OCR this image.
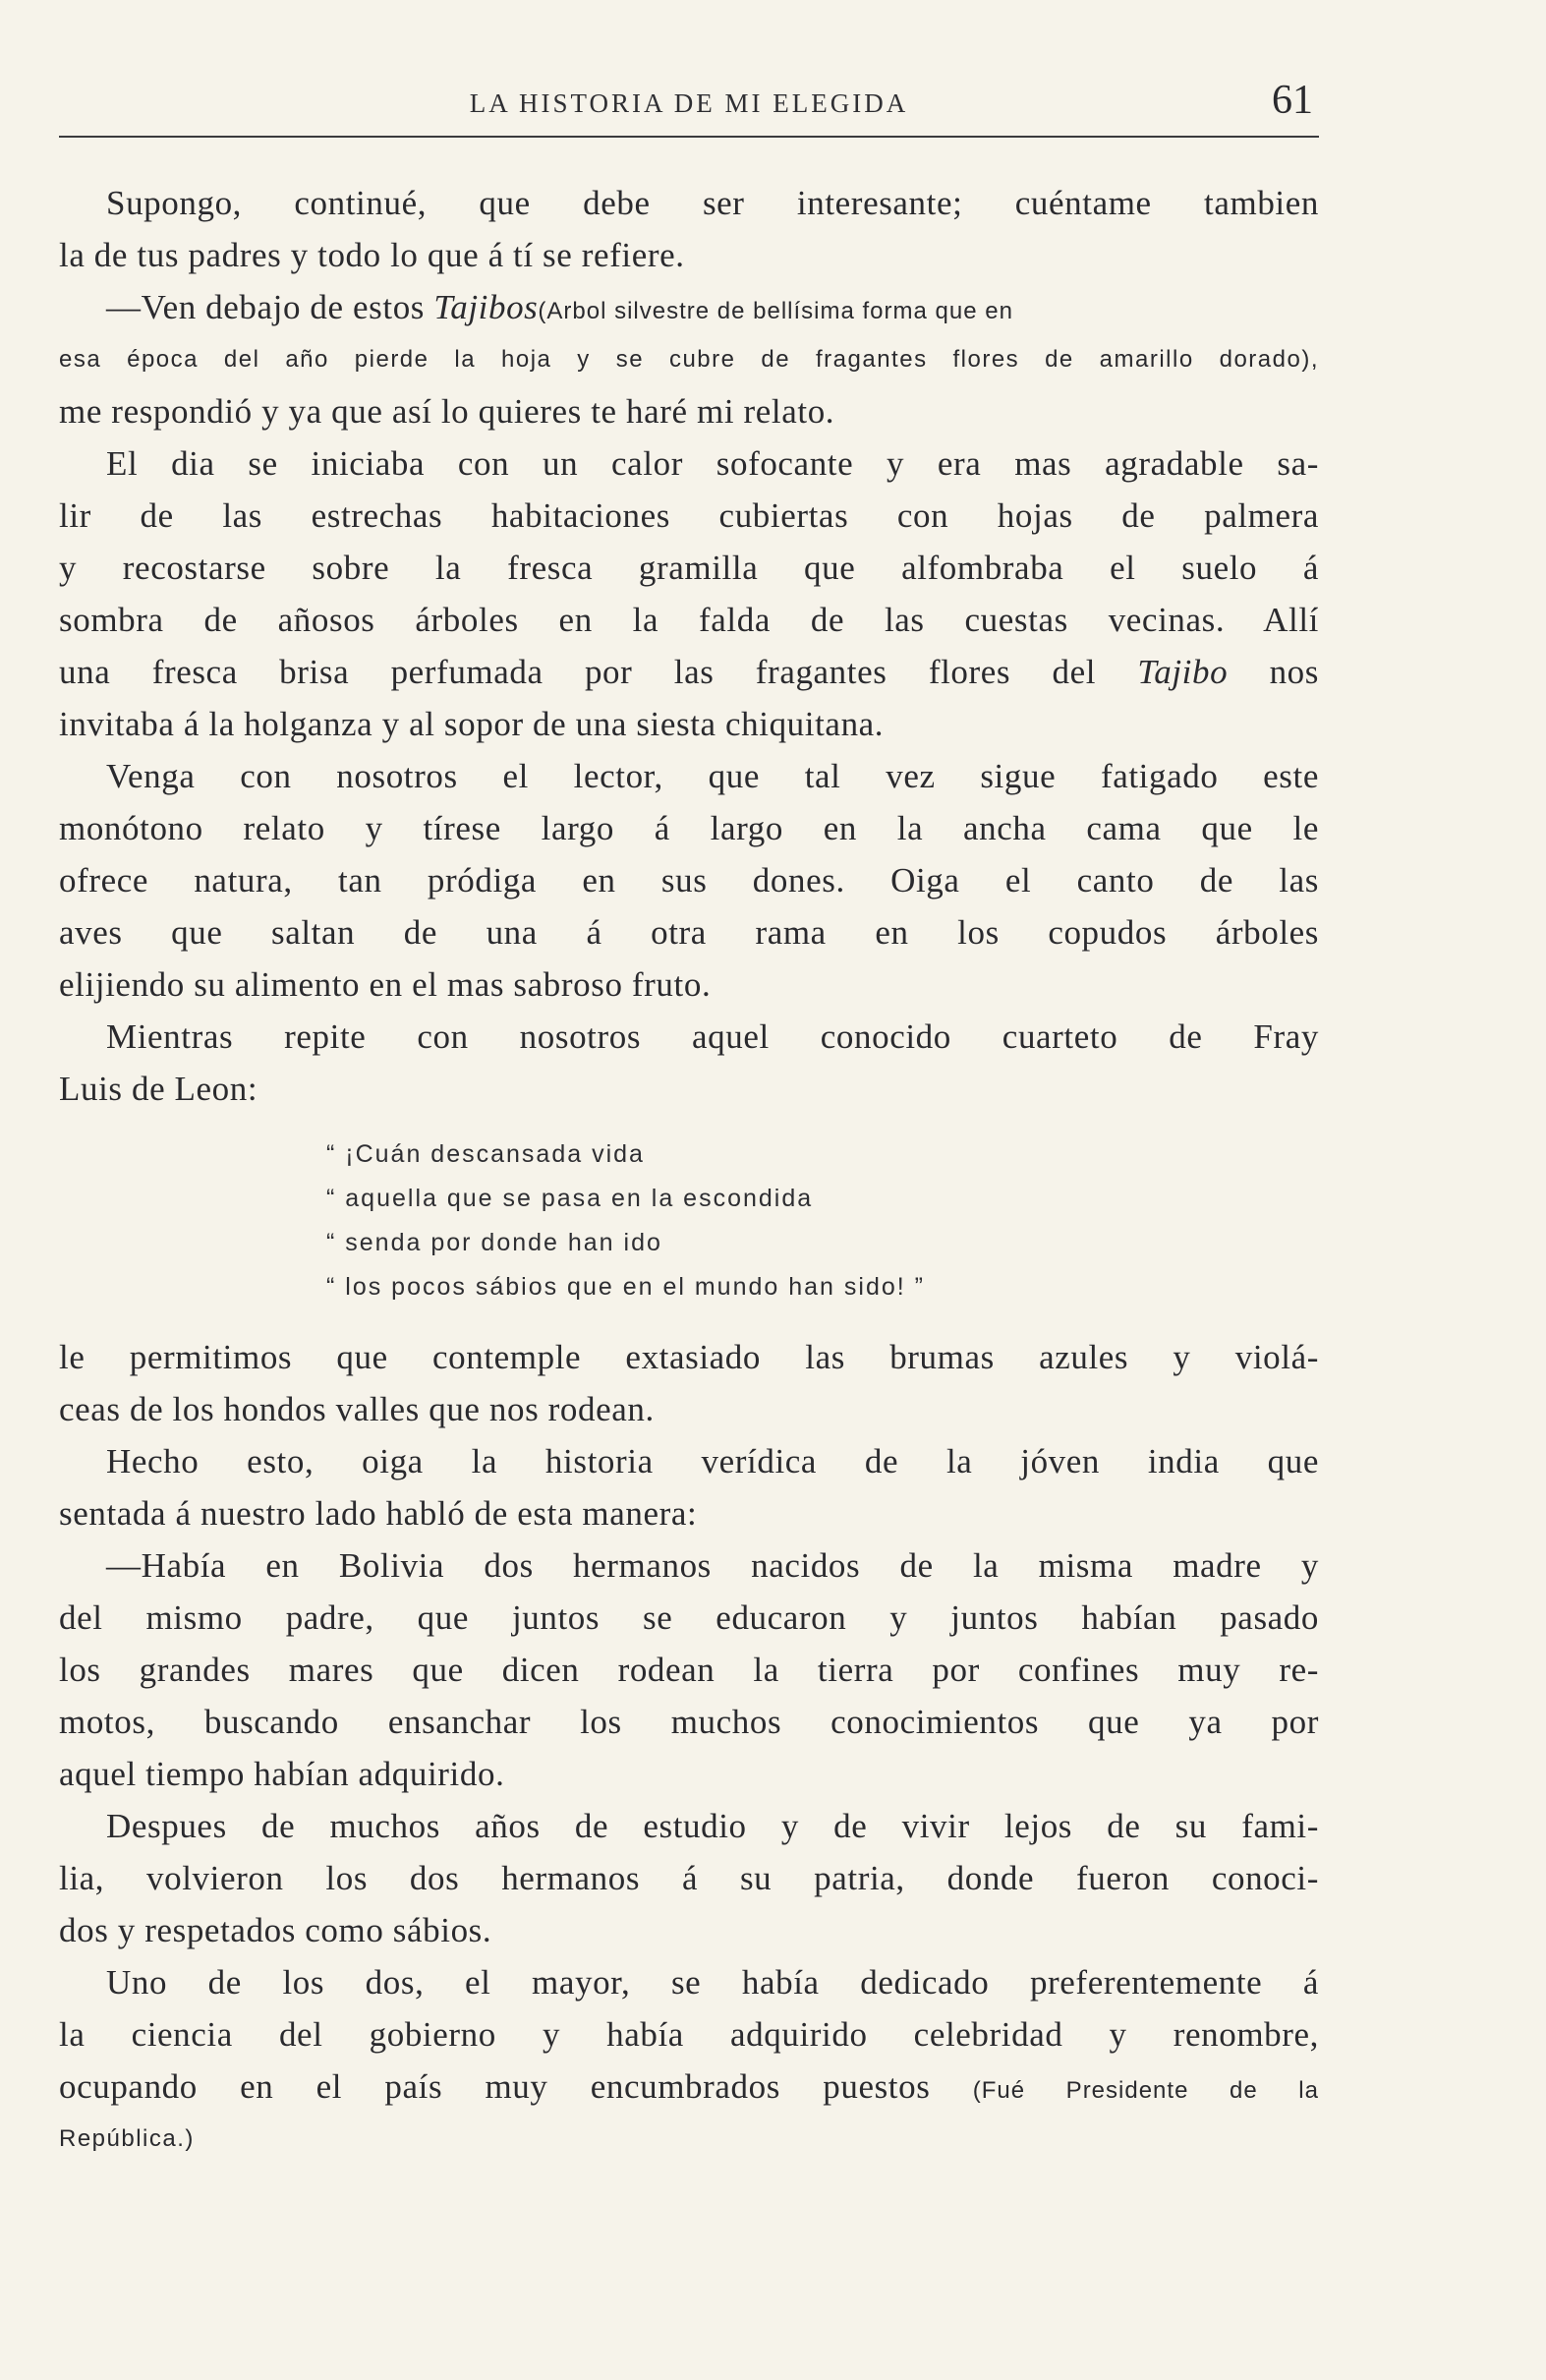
LA HISTORIA DE MI ELEGIDA	61
Supongo, continué, que debe ser interesante; cuéntame tambien
la de tus padres y todo lo que á tí se refiere.
—Ven debajo de estos Tajibos(Arbol silvestre de bellísima forma que en
esa época del año pierde la hoja y se cubre de fragantes flores de amarillo dorado),
me respondió y ya que así lo quieres te haré mi relato.
El dia se iniciaba con un calor sofocante y era mas agradable sa-
lir de las estrechas habitaciones cubiertas con hojas de palmera
y recostarse sobre la fresca gramilla que alfombraba el suelo á
sombra de añosos árboles en la falda de las cuestas vecinas. Allí
una fresca brisa perfumada por las fragantes flores del Tajibo nos
invitaba á la holganza y al sopor de una siesta chiquitana.
Venga con nosotros el lector, que tal vez sigue fatigado este
monótono relato y tírese largo á largo en la ancha cama que le
ofrece natura, tan pródiga en sus dones. Oiga el canto de las
aves que saltan de una á otra rama en los copudos árboles
elijiendo su alimento en el mas sabroso fruto.
Mientras repite con nosotros aquel conocido cuarteto de Fray
Luis de Leon:
“ ¡Cuán descansada vida
“ aquella que se pasa en la escondida
“ senda por donde han ido
“ los pocos sábios que en el mundo han sido! ”
le permitimos que contemple extasiado las brumas azules y violá-
ceas de los hondos valles que nos rodean.
Hecho esto, oiga la historia verídica de la jóven india que
sentada á nuestro lado habló de esta manera:
—Había en Bolivia dos hermanos nacidos de la misma madre y
del mismo padre, que juntos se educaron y juntos habían pasado
los grandes mares que dicen rodean la tierra por confines muy re-
motos, buscando ensanchar los muchos conocimientos que ya por
aquel tiempo habían adquirido.
Despues de muchos años de estudio y de vivir lejos de su fami-
lia, volvieron los dos hermanos á su patria, donde fueron conoci-
dos y respetados como sábios.
Uno de los dos, el mayor, se había dedicado preferentemente á
la ciencia del gobierno y había adquirido celebridad y renombre,
ocupando en el país muy encumbrados puestos (Fué Presidente de la
República.)
